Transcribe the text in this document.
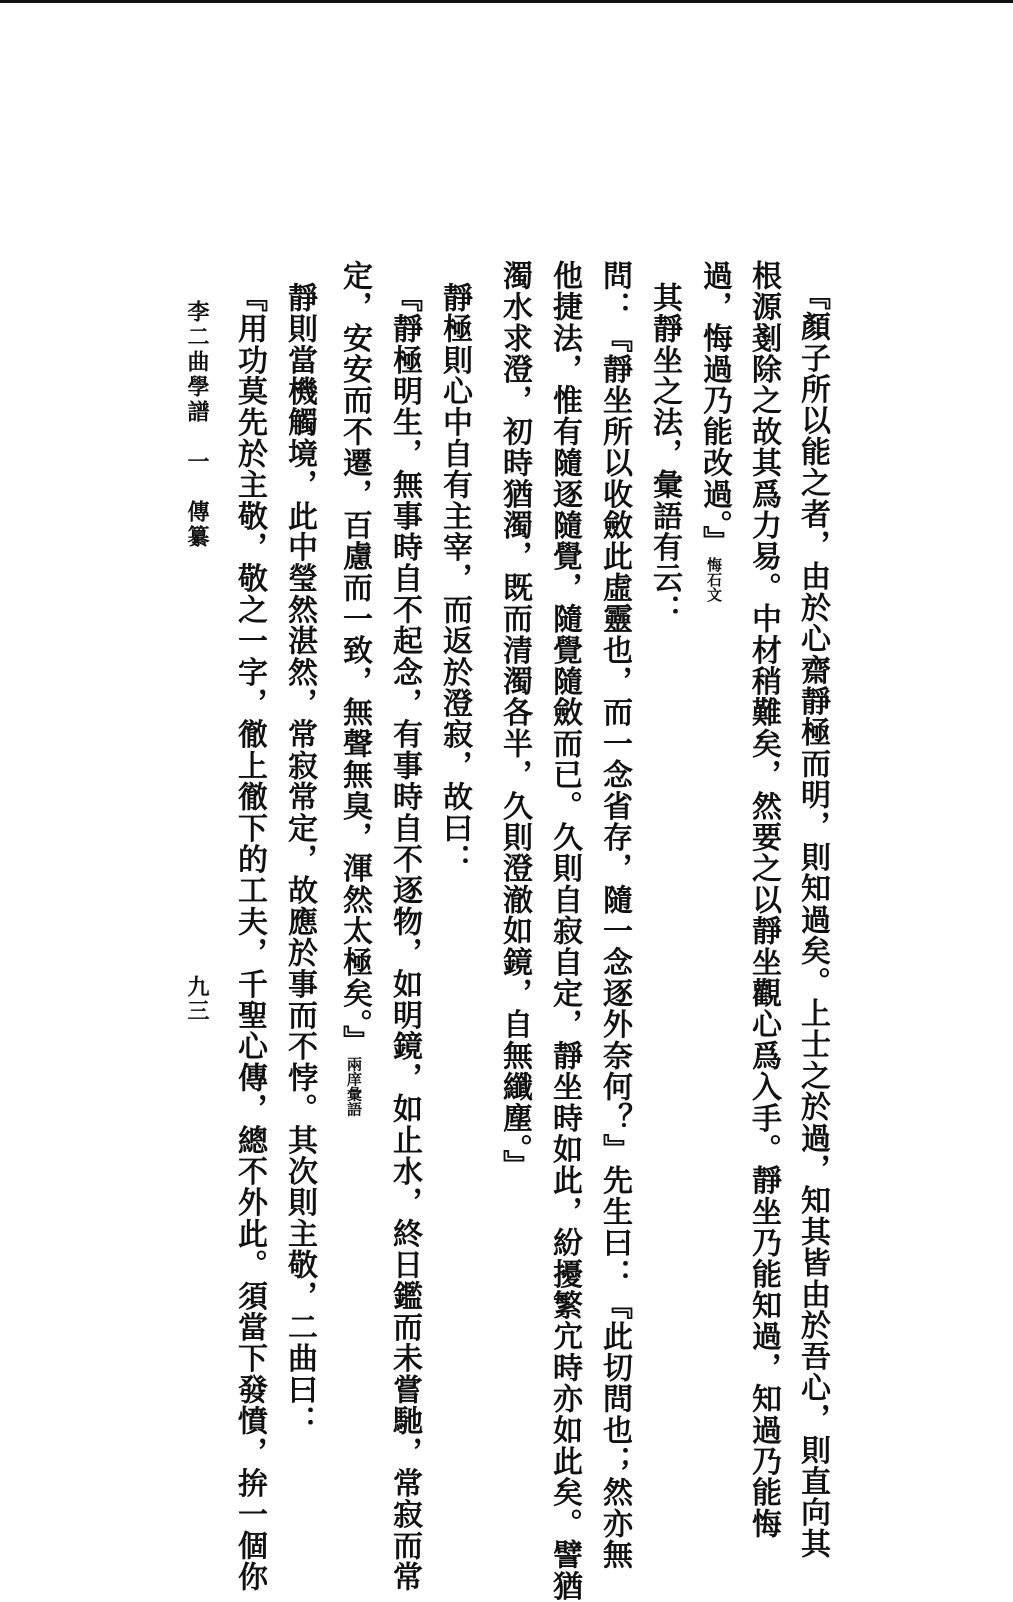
『顏子所以能之者，由於心齋靜極而明，則知過矣。上士之於過，知其皆由於吾心，則直向其
根源剗除之故其爲力易。中材稍難矣，然要之以靜坐觀心爲入手。靜坐乃能知過，知過乃能悔
過，悔過乃能改過。』悔石文
其靜坐之法，彙語有云：
問：『靜坐所以收斂此虛靈也，而一念省存，隨一念逐外奈何？』先生曰：『此切問也；然亦無
他捷法，惟有隨逐隨覺，隨覺隨斂而已。久則自寂自定，靜坐時如此，紛擾繁宂時亦如此矣。譬猶
濁水求澄，初時猶濁，既而清濁各半，久則澄澈如鏡，自無纖塵。』
靜極則心中自有主宰，而返於澄寂，故曰：
『靜極明生，無事時自不起念，有事時自不逐物，如明鏡，如止水，終日鑑而未嘗馳，常寂而常
定，安安而不遷，百慮而一致，無聲無臭，渾然太極矣。』兩庠彙語
靜則當機觸境，此中瑩然湛然，常寂常定，故應於事而不悖。其次則主敬，二曲曰：
『用功莫先於主敬，敬之一字，徹上徹下的工夫，千聖心傳，總不外此。須當下發憤，拚一個你
李二曲學譜　一　傳纂
九三
